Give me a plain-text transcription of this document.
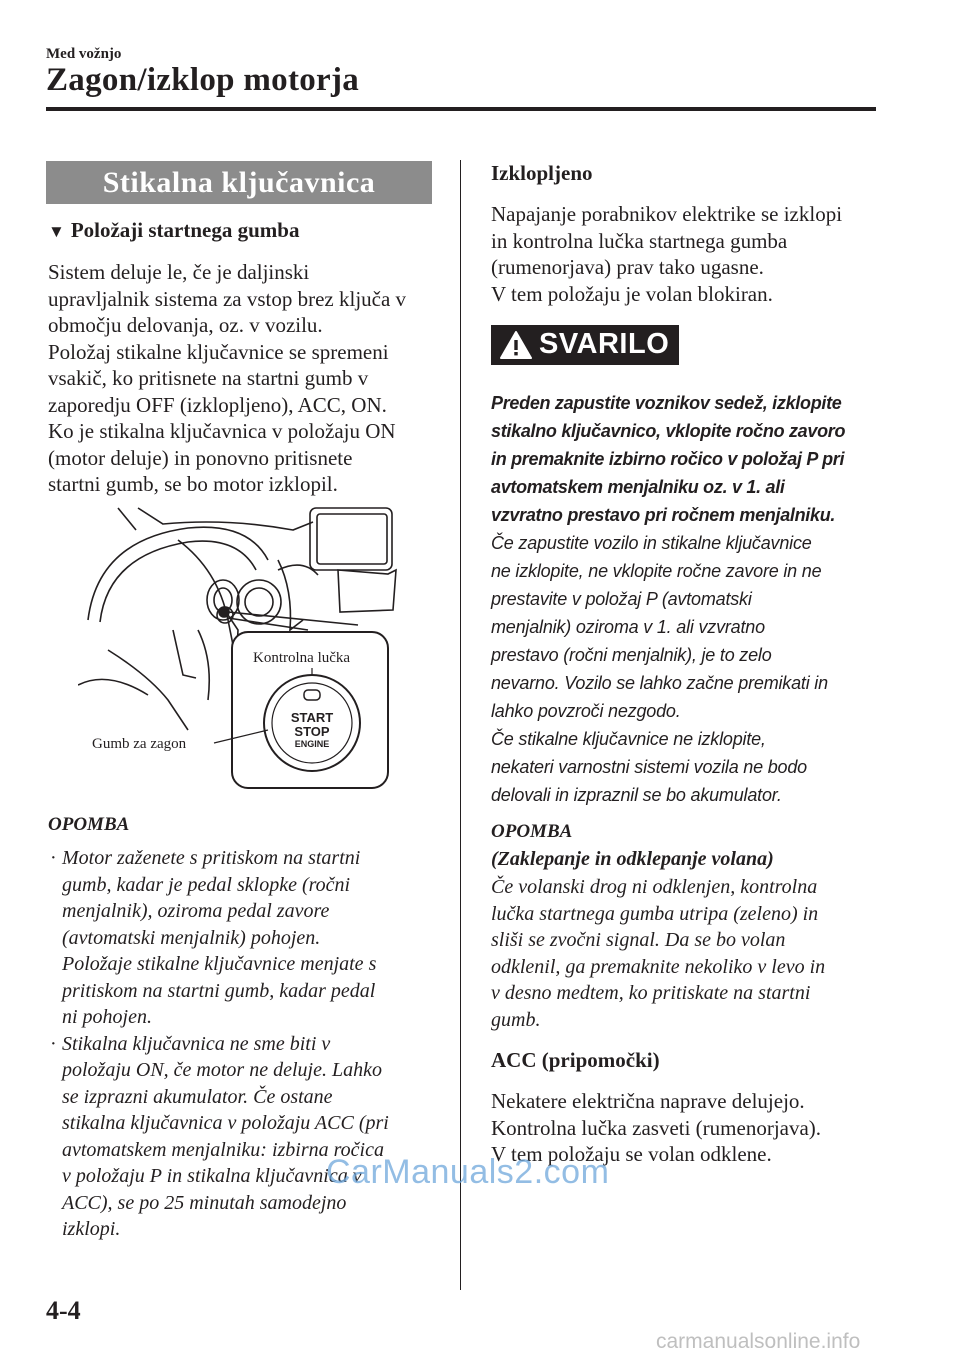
Med vožnjo
Zagon/izklop motorja
Stikalna ključavnica
▼ Položaji startnega gumba
Sistem deluje le, če je daljinski
upravljalnik sistema za vstop brez ključa v
območju delovanja, oz. v vozilu.
Položaj stikalne ključavnice se spremeni
vsakič, ko pritisnete na startni gumb v
zaporedju OFF (izklopljeno), ACC, ON.
Ko je stikalna ključavnica v položaju ON
(motor deluje) in ponovno pritisnete
startni gumb, se bo motor izklopil.
Kontrolna lučka
START
STOP
ENGINE
Gumb za zagon
OPOMBA
· Motor zaženete s pritiskom na startni
gumb, kadar je pedal sklopke (ročni
menjalnik), oziroma pedal zavore
(avtomatski menjalnik) pohojen.
Položaje stikalne ključavnice menjate s
pritiskom na startni gumb, kadar pedal
ni pohojen.
· Stikalna ključavnica ne sme biti v
položaju ON, če motor ne deluje. Lahko
se izprazni akumulator. Če ostane
stikalna ključavnica v položaju ACC (pri
avtomatskem menjalniku: izbirna ročica
v položaju P in stikalna ključavnica v
ACC), se po 25 minutah samodejno
izklopi.
Izklopljeno
Napajanje porabnikov elektrike se izklopi
in kontrolna lučka startnega gumba
(rumenorjava) prav tako ugasne.
V tem položaju je volan blokiran.
SVARILO
Preden zapustite voznikov sedež, izklopite
stikalno ključavnico, vklopite ročno zavoro
in premaknite izbirno ročico v položaj P pri
avtomatskem menjalniku oz. v 1. ali
vzvratno prestavo pri ročnem menjalniku.
Če zapustite vozilo in stikalne ključavnice
ne izklopite, ne vklopite ročne zavore in ne
prestavite v položaj P (avtomatski
menjalnik) oziroma v 1. ali vzvratno
prestavo (ročni menjalnik), je to zelo
nevarno. Vozilo se lahko začne premikati in
lahko povzroči nezgodo.
Če stikalne ključavnice ne izklopite,
nekateri varnostni sistemi vozila ne bodo
delovali in izpraznil se bo akumulator.
OPOMBA
(Zaklepanje in odklepanje volana)
Če volanski drog ni odklenjen, kontrolna
lučka startnega gumba utripa (zeleno) in
sliši se zvočni signal. Da se bo volan
odklenil, ga premaknite nekoliko v levo in
v desno medtem, ko pritiskate na startni
gumb.
ACC (pripomočki)
Nekatere električna naprave delujejo.
Kontrolna lučka zasveti (rumenorjava).
V tem položaju se volan odklene.
CarManuals2.com
4-4
carmanualsonline.info
